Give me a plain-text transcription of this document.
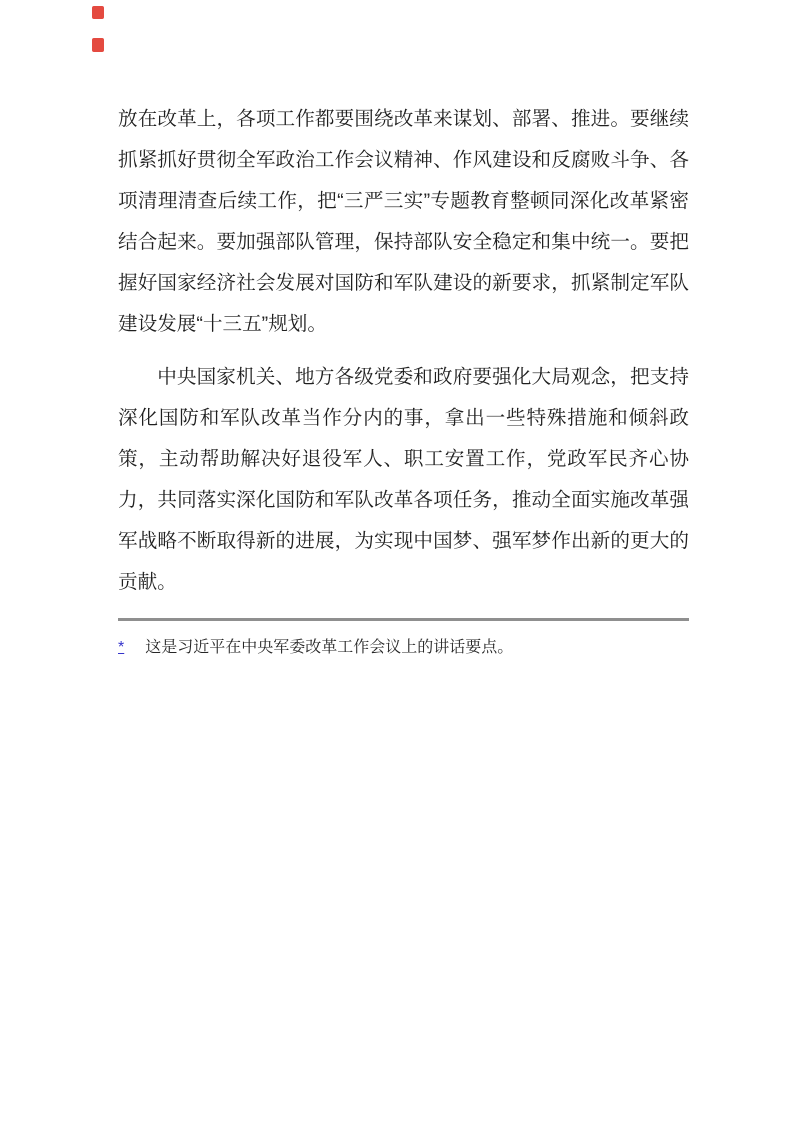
放在改革上，各项工作都要围绕改革来谋划、部署、推进。要继续抓紧抓好贯彻全军政治工作会议精神、作风建设和反腐败斗争、各项清理清查后续工作，把“三严三实”专题教育整顿同深化改革紧密结合起来。要加强部队管理，保持部队安全稳定和集中统一。要把握好国家经济社会发展对国防和军队建设的新要求，抓紧制定军队建设发展“十三五”规划。

中央国家机关、地方各级党委和政府要强化大局观念，把支持深化国防和军队改革当作分内的事，拿出一些特殊措施和倾斜政策，主动帮助解决好退役军人、职工安置工作，党政军民齐心协力，共同落实深化国防和军队改革各项任务，推动全面实施改革强军战略不断取得新的进展，为实现中国梦、强军梦作出新的更大的贡献。

* 这是习近平在中央军委改革工作会议上的讲话要点。
